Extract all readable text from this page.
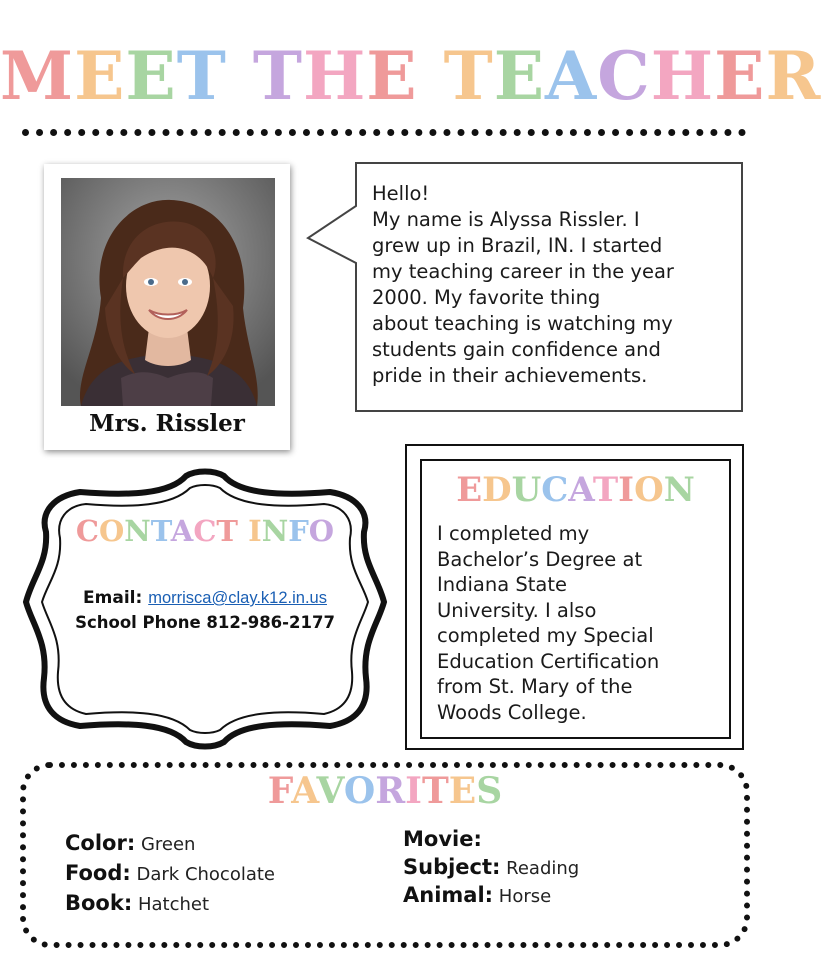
MEET THE TEACHER
Mrs. Rissler
Hello!
My name is Alyssa Rissler. I
grew up in Brazil, IN. I started
my teaching career in the year
2000. My favorite thing
about teaching is watching my
students gain confidence and
pride in their achievements.
CONTACT INFO
Email: morrisca@clay.k12.in.us
School Phone 812-986-2177
EDUCATION
I completed my
Bachelor’s Degree at
Indiana State
University. I also
completed my Special
Education Certification
from St. Mary of the
Woods College.
FAVORITES
Color: Green
Food: Dark Chocolate
Book: Hatchet
Movie:
Subject: Reading
Animal: Horse
